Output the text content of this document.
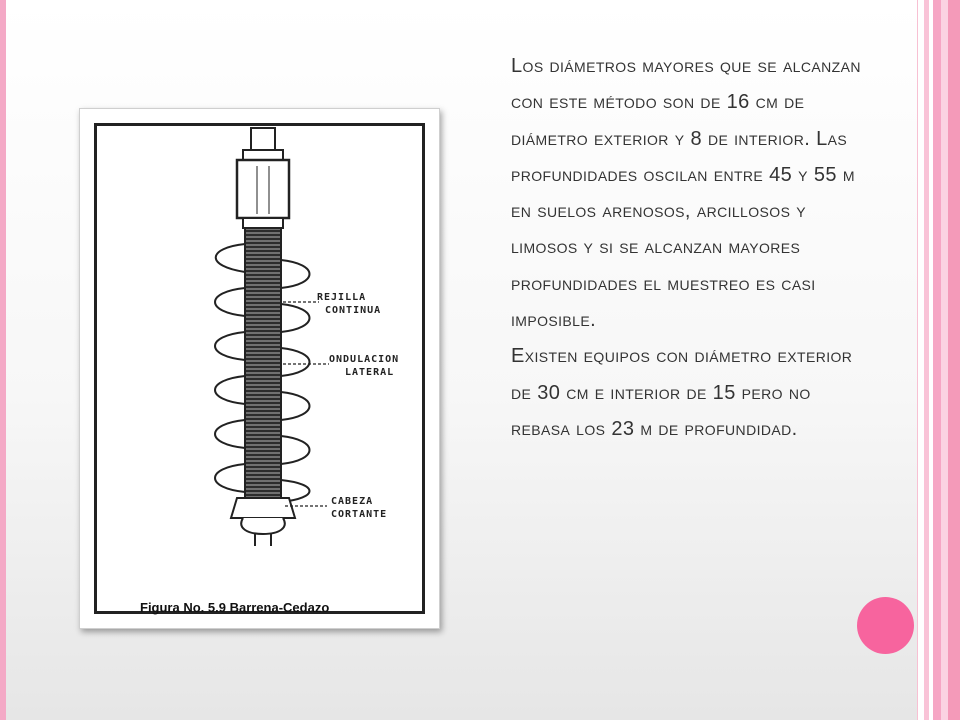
REJILLA
CONTINUA
ONDULACION
LATERAL
CABEZA
CORTANTE
Figura No. 5.9 Barrena-Cedazo

Los diámetros mayores que se alcanzan con este método son de 16 cm de diámetro exterior y 8 de interior. Las profundidades oscilan entre 45 y 55 m en suelos arenosos, arcillosos y limosos y si se alcanzan mayores profundidades el muestreo es casi imposible.

Existen equipos con diámetro exterior de 30 cm e interior de 15 pero no rebasa los 23 m de profundidad.
